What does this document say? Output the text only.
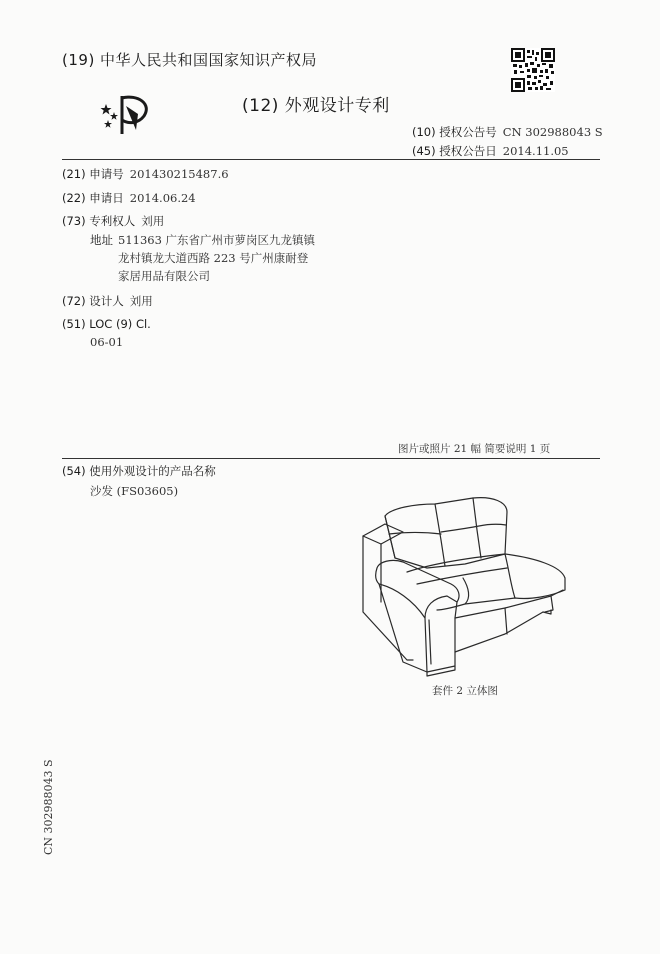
(19) 中华人民共和国国家知识产权局
(12) 外观设计专利
(10) 授权公告号 CN 302988043 S
(45) 授权公告日 2014.11.05
(21) 申请号 201430215487.6
(22) 申请日 2014.06.24
(73) 专利权人 刘用
地址 511363 广东省广州市萝岗区九龙镇镇
龙村镇龙大道西路 223 号广州康耐登
家居用品有限公司
(72) 设计人 刘用
(51) LOC (9) Cl.
06-01
图片或照片 21 幅 简要说明 1 页
(54) 使用外观设计的产品名称
沙发 (FS03605)
套件 2 立体图
CN 302988043 S
